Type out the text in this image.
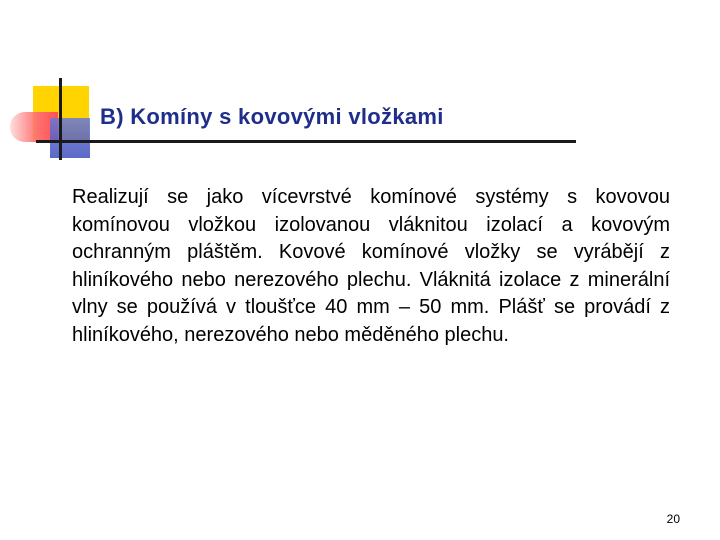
B) Komíny s kovovými vložkami

Realizují se jako vícevrstvé komínové systémy s kovovou komínovou vložkou izolovanou vláknitou izolací a kovovým ochranným pláštěm. Kovové komínové vložky se vyrábějí z hliníkového nebo nerezového plechu. Vláknitá izolace z minerální vlny se používá v tloušťce 40 mm – 50 mm. Plášť se provádí z hliníkového, nerezového nebo měděného plechu.

20
